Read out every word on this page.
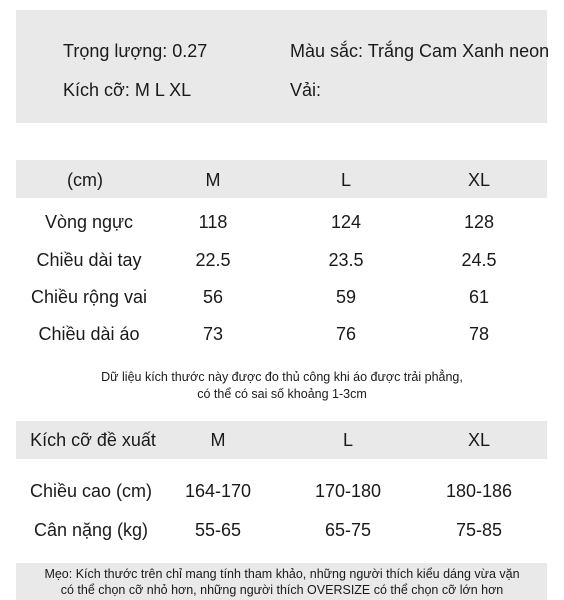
Trọng lượng: 0.27	Màu sắc: Trắng Cam Xanh neon
Kích cỡ: M L XL	Vải:
(cm)	M	L	XL
Vòng ngực	118	124	128
Chiều dài tay	22.5	23.5	24.5
Chiều rộng vai	56	59	61
Chiều dài áo	73	76	78
Dữ liệu kích thước này được đo thủ công khi áo được trải phẳng,
có thể có sai số khoảng 1-3cm
Kích cỡ đề xuất	M	L	XL
Chiều cao (cm) 164-170	170-180	180-186
Cân nặng (kg)	55-65	65-75	75-85
Mẹo: Kích thước trên chỉ mang tính tham khảo, những người thích kiểu dáng vừa vặn
có thể chọn cỡ nhỏ hơn, những người thích OVERSIZE có thể chọn cỡ lớn hơn
